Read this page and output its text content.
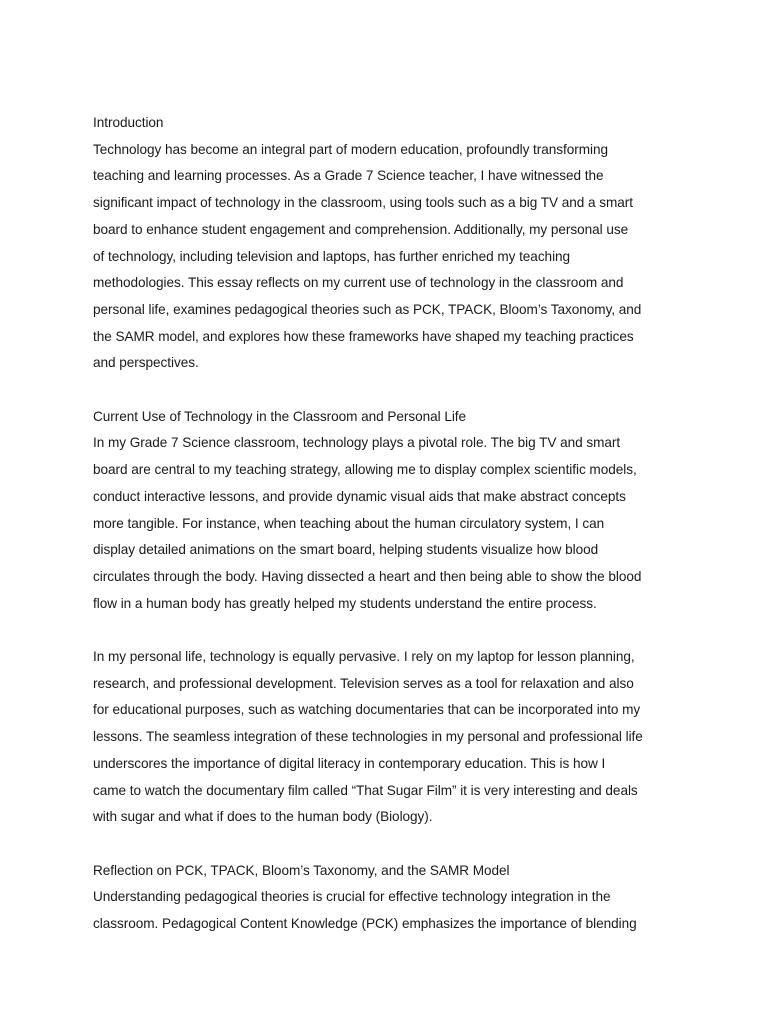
Introduction
Technology has become an integral part of modern education, profoundly transforming
teaching and learning processes. As a Grade 7 Science teacher, I have witnessed the
significant impact of technology in the classroom, using tools such as a big TV and a smart
board to enhance student engagement and comprehension. Additionally, my personal use
of technology, including television and laptops, has further enriched my teaching
methodologies. This essay reflects on my current use of technology in the classroom and
personal life, examines pedagogical theories such as PCK, TPACK, Bloom’s Taxonomy, and
the SAMR model, and explores how these frameworks have shaped my teaching practices
and perspectives.
Current Use of Technology in the Classroom and Personal Life
In my Grade 7 Science classroom, technology plays a pivotal role. The big TV and smart
board are central to my teaching strategy, allowing me to display complex scientific models,
conduct interactive lessons, and provide dynamic visual aids that make abstract concepts
more tangible. For instance, when teaching about the human circulatory system, I can
display detailed animations on the smart board, helping students visualize how blood
circulates through the body. Having dissected a heart and then being able to show the blood
flow in a human body has greatly helped my students understand the entire process.
In my personal life, technology is equally pervasive. I rely on my laptop for lesson planning,
research, and professional development. Television serves as a tool for relaxation and also
for educational purposes, such as watching documentaries that can be incorporated into my
lessons. The seamless integration of these technologies in my personal and professional life
underscores the importance of digital literacy in contemporary education. This is how I
came to watch the documentary film called “That Sugar Film” it is very interesting and deals
with sugar and what if does to the human body (Biology).
Reflection on PCK, TPACK, Bloom’s Taxonomy, and the SAMR Model
Understanding pedagogical theories is crucial for effective technology integration in the
classroom. Pedagogical Content Knowledge (PCK) emphasizes the importance of blending
